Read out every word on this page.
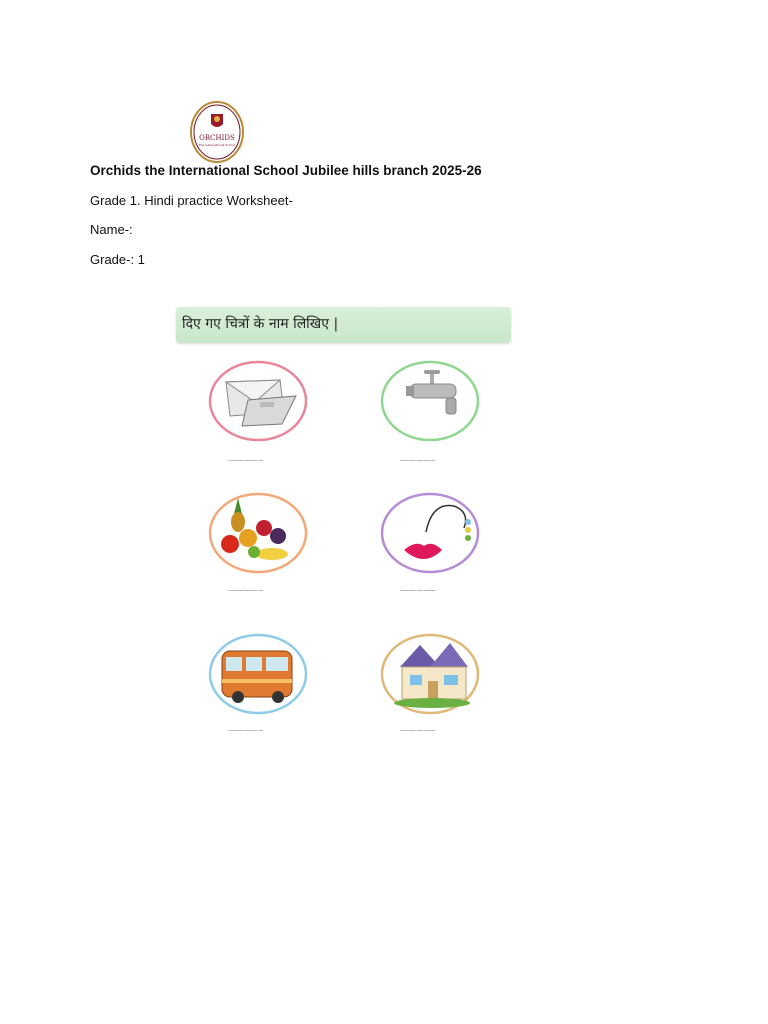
ORCHIDS
The International School
Orchids the International School Jubilee hills branch 2025-26
Grade 1. Hindi practice Worksheet-
Name-:
Grade-: 1
दिए गए चित्रों के नाम लिखिए |
..............................	..............................
..............................	..............................
..............................	..............................
